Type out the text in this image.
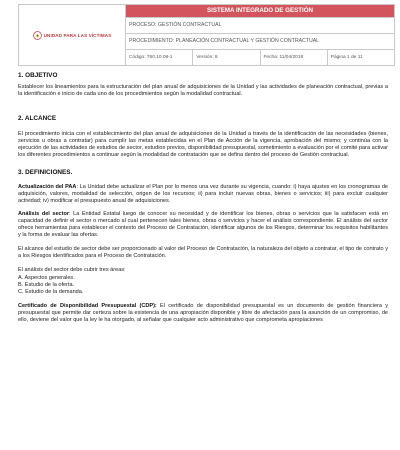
UNIDAD PARA LAS VÍCTIMAS	SISTEMA INTEGRADO DE GESTIÓN			
	PROCESO: GESTIÓN CONTRACTUAL			
	PROCEDIMIENTO: PLANEACIÓN CONTRACTUAL Y GESTIÓN CONTRACTUAL			
	Código: 760.10.08-1	Versión: 8	Fecha: 11/04/2018	Página 1 de 11

1. OBJETIVO

Establecer los lineamientos para la estructuración del plan anual de adquisiciones de la Unidad y las actividades de planeación contractual, previas a la identificación e inicio de cada uno de los procedimientos según la modalidad contractual.

2. ALCANCE

El procedimiento inicia con el establecimiento del plan anual de adquisiciones de la Unidad a través de la identificación de las necesidades (bienes, servicios u obras a contratar) para cumplir las metas establecidas en el Plan de Acción de la vigencia, aprobación del mismo; y continúa con la ejecución de las actividades de estudios de sector, estudios previos, disponibilidad presupuestal, sometimiento a evaluación por el comité para activar los diferentes procedimientos a continuar según la modalidad de contratación que se defina dentro del proceso de Gestión contractual.

3. DEFINICIONES.

Actualización del PAA: La Unidad debe actualizar el Plan por lo menos una vez durante su vigencia, cuando: i) haya ajustes en los cronogramas de adquisición, valores, modalidad de selección, origen de los recursos; ii) para incluir nuevas obras, bienes o servicios; iii) para excluir cualquier actividad; iv) modificar el presupuesto anual de adquisiciones.

Análisis del sector: La Entidad Estatal luego de conocer su necesidad y de identificar los bienes, obras o servicios que la satisfacen está en capacidad de definir el sector o mercado al cual pertenecen tales bienes, obras o servicios y hacer el análisis correspondiente. El análisis del sector ofrece herramientas para establecer el contexto del Proceso de Contratación, identificar algunos de los Riesgos, determinar los requisitos habilitantes y la forma de evaluar las ofertas.

El alcance del estudio de sector debe ser proporcionado al valor del Proceso de Contratación, la naturaleza del objeto a contratar, el tipo de contrato y a los Riesgos identificados para el Proceso de Contratación.

El análisis del sector debe cubrir tres áreas:

A. Aspectos generales.

B. Estudio de la oferta.

C. Estudio de la demanda.

Certificado de Disponibilidad Presupuestal (CDP): El certificado de disponibilidad presupuestal es un documento de gestión financiera y presupuestal que permite dar certeza sobre la existencia de una apropiación disponible y libre de afectación para la asunción de un compromiso, de ello, deviene del valor que la ley le ha otorgado, al señalar que cualquier acto administrativo que comprometa apropiaciones
